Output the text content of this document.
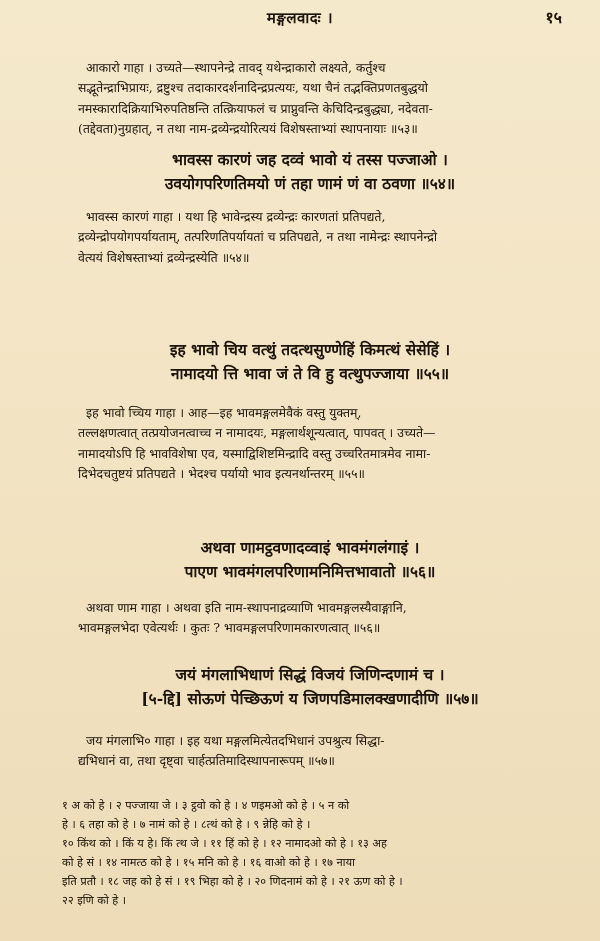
मङ्गलवादः ।	१५
आकारो गाहा । उच्यते—स्थापनेन्द्रे तावद् यथेन्द्राकारो लक्ष्यते, कर्तुश्च
सद्भूतेन्द्राभिप्रायः, द्रष्टुश्च तदाकारदर्शनादिन्द्रप्रत्ययः, यथा चैनं तद्भक्तिप्रणतबुद्धयो
नमस्कारादिक्रियाभिरुपतिष्ठन्ति तत्क्रियाफलं च प्राप्नुवन्ति केचिदिन्द्रबुद्ध्या, नदेवता-
(तद्देवता)नुग्रहात्, न तथा नाम-द्रव्येन्द्रयोरित्ययं विशेषस्ताभ्यां स्थापनायाः ॥५३॥
भावस्स कारणं जह दव्वं भावो यं तस्स पज्जाओ ।
उवयोगपरिणतिमयो णं तहा णामं णं वा ठवणा ॥५४॥
भावस्स कारणं गाहा । यथा हि भावेन्द्रस्य द्रव्येन्द्रः कारणतां प्रतिपद्यते,
द्रव्येन्द्रोपयोगपर्यायताम्, तत्परिणतिपर्यायतां च प्रतिपद्यते, न तथा नामेन्द्रः स्थापनेन्द्रो
वेत्ययं विशेषस्ताभ्यां द्रव्येन्द्रस्येति ॥५४॥
इह भावो चिय वत्थुं तदत्थसुण्णेहिं किमत्थं सेसेहिं ।
नामादयो त्ति भावा जं ते वि हु वत्थुपज्जाया ॥५५॥
इह भावो च्चिय गाहा । आह—इह भावमङ्गलमेवैकं वस्तु युक्तम्,
तल्लक्षणत्वात् तत्प्रयोजनत्वाच्च न नामादयः, मङ्गलार्थशून्यत्वात्, पापवत् । उच्यते—
नामादयोऽपि हि भावविशेषा एव, यस्माद्विशिष्टमिन्द्रादि वस्तु उच्चरितमात्रमेव नामा-
दिभेदचतुष्टयं प्रतिपद्यते । भेदश्च पर्यायो भाव इत्यनर्थान्तरम् ॥५५॥
अथवा णामट्ठवणादव्वाइं भावमंगलंगाइं ।
पाएण भावमंगलपरिणामनिमित्तभावातो ॥५६॥
अथवा णाम गाहा । अथवा इति नाम-स्थापनाद्रव्याणि भावमङ्गलस्यैवाङ्गानि,
भावमङ्गलभेदा एवेत्यर्थः । कुतः ? भावमङ्गलपरिणामकारणत्वात् ॥५६॥
जयं मंगलाभिधाणं सिद्धं विजयं जिणिन्दणामं च ।
[५-द्दि] सोऊणं पेच्छिऊणं य जिणपडिमालक्खणादीणि ॥५७॥
जय मंगलाभि० गाहा । इह यथा मङ्गलमित्येतदभिधानं उपश्रुत्य सिद्धा-
द्यभिधानं वा, तथा दृष्ट्वा चार्हत्प्रतिमादिस्थापनारूपम् ॥५७॥
१ अ को हे । २ पज्जाया जे । ३ ट्ठवो को हे । ४ णइमओ को हे । ५ न को
हे । ६ तहा को हे । ७ नामं को हे । ८त्थं को हे । ९ न्नेहि को हे ।
१० किंथ को । किं य हे। किं त्थ जे । ११ हिं को हे । १२ नामादओ को हे । १३ अह
को हे सं । १४ नामत्ठ को हे । १५ मनि को हे । १६ वाओ को हे । १७ नाया
इति प्रतौ । १८ जह को हे सं । १९ भिहा को हे । २० णिदनामं को हे । २१ ऊण को हे ।
२२ इणि को हे ।
